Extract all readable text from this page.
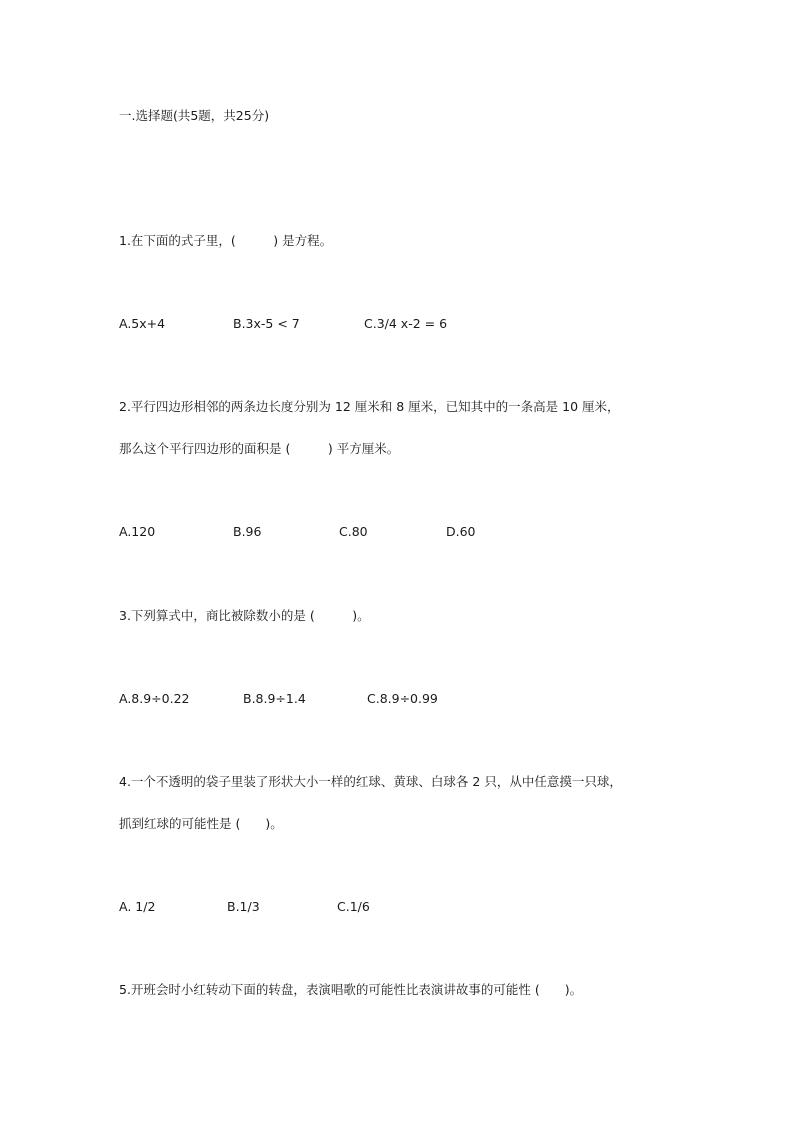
一.选择题(共5题，共25分)
1.在下面的式子里，(　　　) 是方程。
A.5x+4	B.3x-5 < 7	C.3/4 x-2 = 6
2.平行四边形相邻的两条边长度分别为 12 厘米和 8 厘米，已知其中的一条高是 10 厘米，
那么这个平行四边形的面积是 (　　　) 平方厘米。
A.120	B.96	C.80	D.60
3.下列算式中，商比被除数小的是 (　　　)。
A.8.9÷0.22	B.8.9÷1.4	C.8.9÷0.99
4.一个不透明的袋子里装了形状大小一样的红球、黄球、白球各 2 只，从中任意摸一只球，
抓到红球的可能性是 (　　)。
A. 1/2	B.1/3	C.1/6
5.开班会时小红转动下面的转盘，表演唱歌的可能性比表演讲故事的可能性 (　　)。
